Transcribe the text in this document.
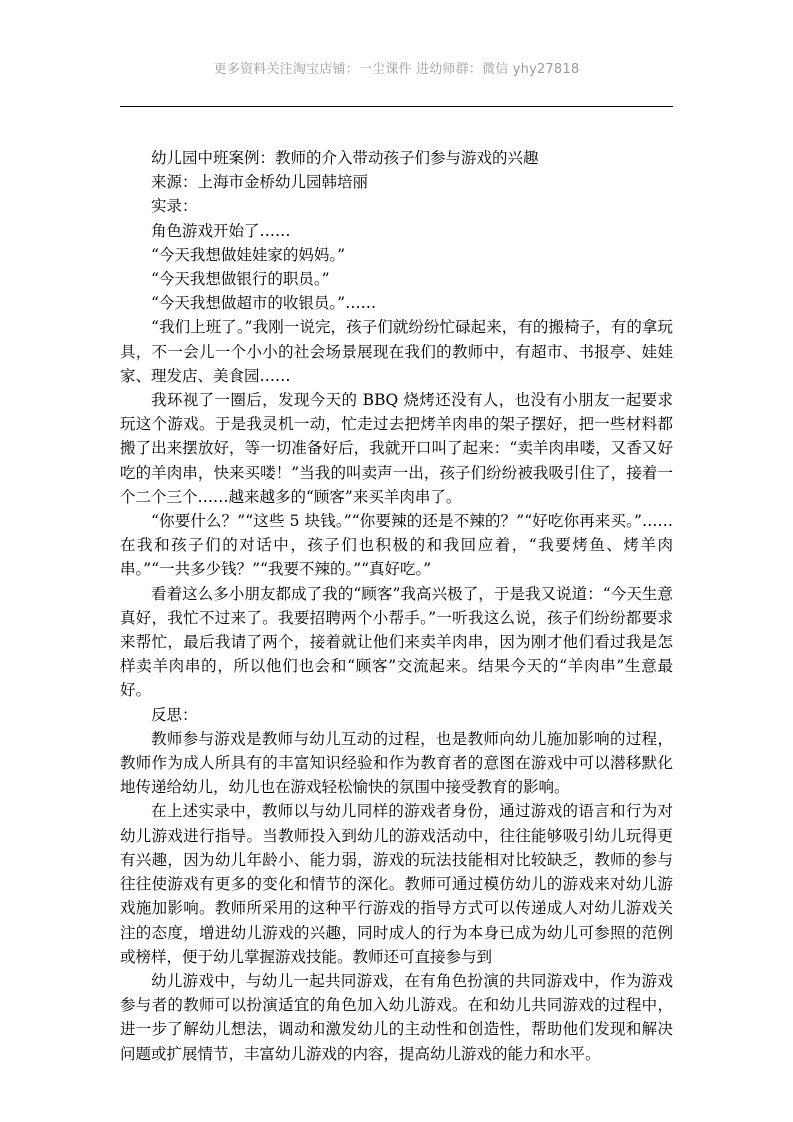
更多资料关注淘宝店铺：一尘课件 进幼师群：微信 yhy27818

幼儿园中班案例：教师的介入带动孩子们参与游戏的兴趣

来源：上海市金桥幼儿园韩培丽

实录：

角色游戏开始了……

“今天我想做娃娃家的妈妈。”

“今天我想做银行的职员。”

“今天我想做超市的收银员。”……

“我们上班了。”我刚一说完，孩子们就纷纷忙碌起来，有的搬椅子，有的拿玩具，不一会儿一个小小的社会场景展现在我们的教师中，有超市、书报亭、娃娃家、理发店、美食园……

我环视了一圈后，发现今天的 BBQ 烧烤还没有人，也没有小朋友一起要求玩这个游戏。于是我灵机一动，忙走过去把烤羊肉串的架子摆好，把一些材料都搬了出来摆放好，等一切准备好后，我就开口叫了起来：“卖羊肉串喽，又香又好吃的羊肉串，快来买喽！”当我的叫卖声一出，孩子们纷纷被我吸引住了，接着一个二个三个……越来越多的“顾客”来买羊肉串了。

“你要什么？”“这些 5 块钱。”“你要辣的还是不辣的？”“好吃你再来买。”……在我和孩子们的对话中，孩子们也积极的和我回应着，“我要烤鱼、烤羊肉串。”“一共多少钱？”“我要不辣的。”“真好吃。”

看着这么多小朋友都成了我的“顾客”我高兴极了，于是我又说道：“今天生意真好，我忙不过来了。我要招聘两个小帮手。”一听我这么说，孩子们纷纷都要求来帮忙，最后我请了两个，接着就让他们来卖羊肉串，因为刚才他们看过我是怎样卖羊肉串的，所以他们也会和“顾客”交流起来。结果今天的“羊肉串”生意最好。

反思：

教师参与游戏是教师与幼儿互动的过程，也是教师向幼儿施加影响的过程，教师作为成人所具有的丰富知识经验和作为教育者的意图在游戏中可以潜移默化地传递给幼儿，幼儿也在游戏轻松愉快的氛围中接受教育的影响。

在上述实录中，教师以与幼儿同样的游戏者身份，通过游戏的语言和行为对幼儿游戏进行指导。当教师投入到幼儿的游戏活动中，往往能够吸引幼儿玩得更有兴趣，因为幼儿年龄小、能力弱，游戏的玩法技能相对比较缺乏，教师的参与往往使游戏有更多的变化和情节的深化。教师可通过模仿幼儿的游戏来对幼儿游戏施加影响。教师所采用的这种平行游戏的指导方式可以传递成人对幼儿游戏关注的态度，增进幼儿游戏的兴趣，同时成人的行为本身已成为幼儿可参照的范例或榜样，便于幼儿掌握游戏技能。教师还可直接参与到

幼儿游戏中，与幼儿一起共同游戏，在有角色扮演的共同游戏中，作为游戏参与者的教师可以扮演适宜的角色加入幼儿游戏。在和幼儿共同游戏的过程中，进一步了解幼儿想法，调动和激发幼儿的主动性和创造性，帮助他们发现和解决问题或扩展情节，丰富幼儿游戏的内容，提高幼儿游戏的能力和水平。
